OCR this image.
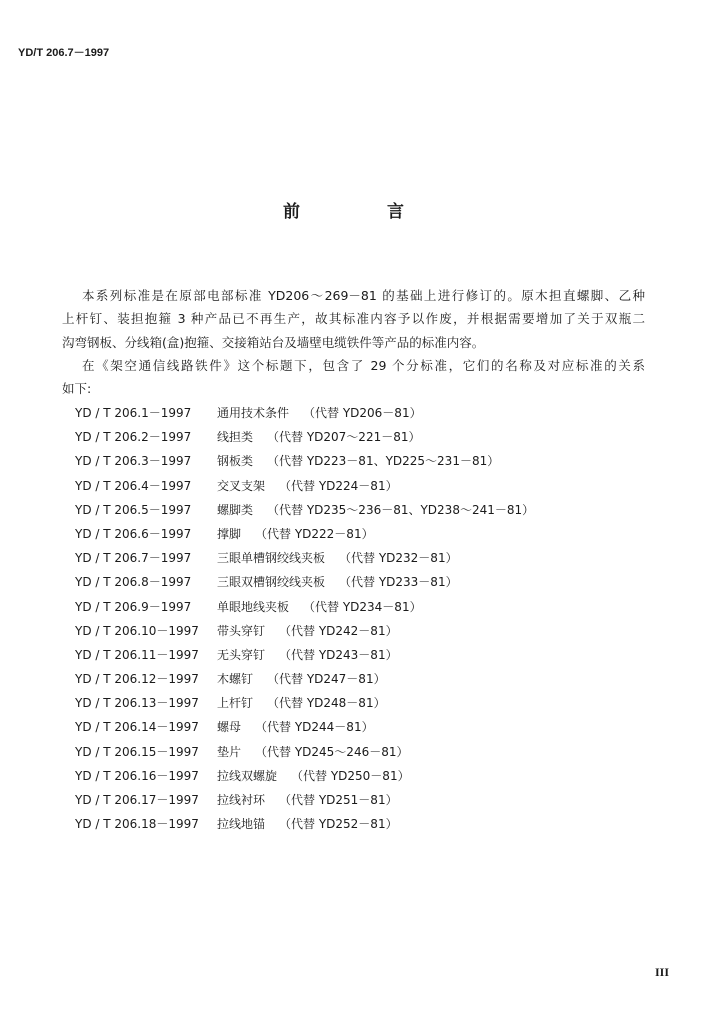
YD/T 206.7－1997
前	言
本系列标准是在原部电部标准 YD206～269－81 的基础上进行修订的。原木担直螺脚、乙种
上杆钉、装担抱箍 3 种产品已不再生产，故其标准内容予以作废，并根据需要增加了关于双瓶二
沟弯钢板、分线箱(盒)抱箍、交接箱站台及墙壁电缆铁件等产品的标准内容。
在《架空通信线路铁件》这个标题下，包含了 29 个分标准，它们的名称及对应标准的关系
如下:
YD / T 206.1－1997	通用技术条件 （代替 YD206－81）
YD / T 206.2－1997	线担类 （代替 YD207～221－81）
YD / T 206.3－1997	钢板类 （代替 YD223－81、YD225～231－81）
YD / T 206.4－1997	交叉支架 （代替 YD224－81）
YD / T 206.5－1997	螺脚类 （代替 YD235～236－81、YD238～241－81）
YD / T 206.6－1997	撑脚 （代替 YD222－81）
YD / T 206.7－1997	三眼单槽钢绞线夹板 （代替 YD232－81）
YD / T 206.8－1997	三眼双槽钢绞线夹板 （代替 YD233－81）
YD / T 206.9－1997	单眼地线夹板 （代替 YD234－81）
YD / T 206.10－1997	带头穿钉 （代替 YD242－81）
YD / T 206.11－1997	无头穿钉 （代替 YD243－81）
YD / T 206.12－1997	木螺钉 （代替 YD247－81）
YD / T 206.13－1997	上杆钉 （代替 YD248－81）
YD / T 206.14－1997	螺母 （代替 YD244－81）
YD / T 206.15－1997	垫片 （代替 YD245～246－81）
YD / T 206.16－1997	拉线双螺旋 （代替 YD250－81）
YD / T 206.17－1997	拉线衬环 （代替 YD251－81）
YD / T 206.18－1997	拉线地锚 （代替 YD252－81）
III
